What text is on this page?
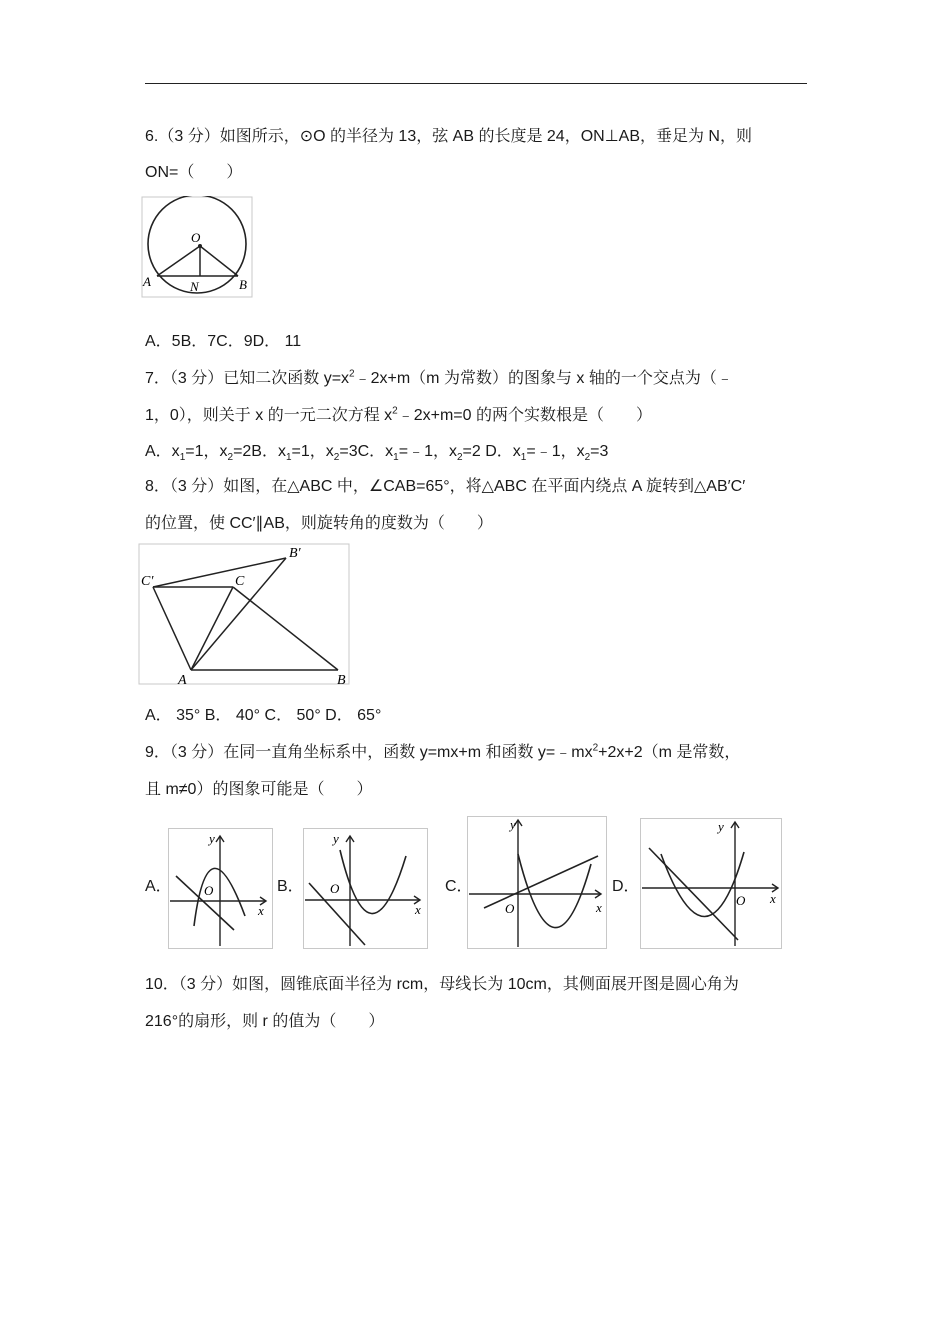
6.（3 分）如图所示，⊙O 的半径为 13，弦 AB 的长度是 24，ON⊥AB，垂足为 N，则
ON=（　　）
O
A	N	B
A．5B．7C．9D． 11
7．（3 分）已知二次函数 $y=x^2﹣2x+m(m$ 为常数）的图象与 x 轴的一个交点为（﹣
1，0），则关于 x 的一元二次方程 $x^2﹣2x+m=0$ 的两个实数根是（　　）
A．$x_1=1$，$x_2=2B$．$x_1=1$，$x_2=3C$．$x_1=﹣1$，$x_2=2$ D．$x_1=﹣1$，$x_2=3$
8．（3 分）如图，在△ABC 中，∠CAB=65°，将△ABC 在平面内绕点 A 旋转到△AB′C′
的位置，使 CC′∥AB，则旋转角的度数为（　　）
B′
C′	C
A	B
A． 35° B． 40° C． 50° D． 65°
9．（3 分）在同一直角坐标系中，函数 y=mx+m 和函数 $y=﹣mx^2+2x+2(m$ 是常数，
且 m≠0）的图象可能是（　　）
A．
y
O
x
B．
y
O
x
C．
y
O	x
D．
y
O x
10．（3 分）如图，圆锥底面半径为 rcm，母线长为 10cm，其侧面展开图是圆心角为
216°的扇形，则 r 的值为（　　）
